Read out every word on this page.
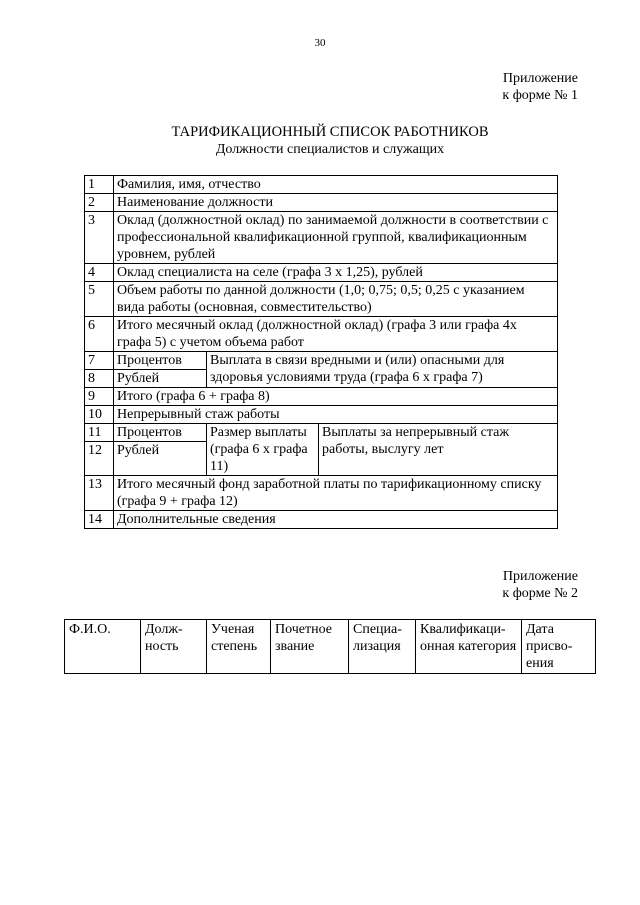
30
Приложение
к форме № 1
ТАРИФИКАЦИОННЫЙ СПИСОК РАБОТНИКОВ
Должности специалистов и служащих
1	Фамилия, имя, отчество		
2	Наименование должности		
3	Оклад (должностной оклад) по занимаемой должности в соответствии с профессиональной квалификационной группой, квалификационным уровнем, рублей		
4	Оклад специалиста на селе (графа 3 х 1,25), рублей		
5	Объем работы по данной должности (1,0; 0,75; 0,5; 0,25 с указанием вида работы (основная, совместительство)		
6	Итого месячный оклад (должностной оклад) (графа 3 или графа 4х графа 5) с учетом объема работ		
7	Процентов	Выплата в связи вредными и (или) опасными для здоровья условиями труда (графа 6 х графа 7)	
8	Рублей		
9	Итого (графа 6 + графа 8)		
10	Непрерывный стаж работы		
11	Процентов	Размер выплаты (графа 6 х графа 11)	Выплаты за непрерывный стаж работы, выслугу лет
12	Рублей		
13	Итого месячный фонд заработной платы по тарификационному списку (графа 9 + графа 12)		
14	Дополнительные сведения		
Приложение
к форме № 2
Ф.И.О.	Долж-ность	Ученая степень	Почетное звание	Специа-лизация	Квалификаци-онная категория	Дата присво-ения
